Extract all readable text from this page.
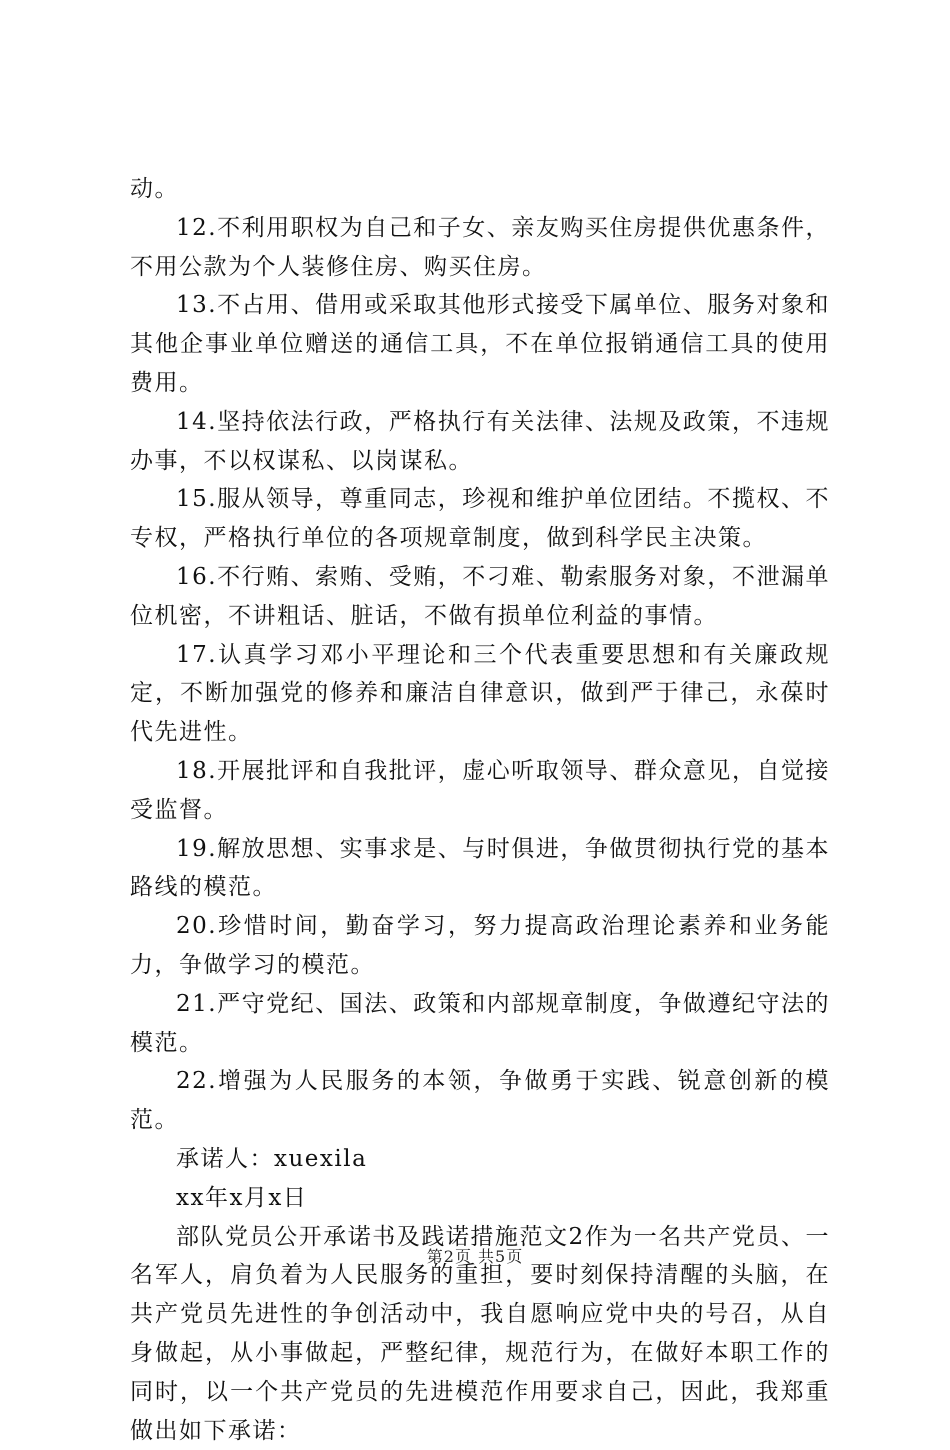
动。

12.不利用职权为自己和子女、亲友购买住房提供优惠条件，不用公款为个人装修住房、购买住房。

13.不占用、借用或采取其他形式接受下属单位、服务对象和其他企事业单位赠送的通信工具，不在单位报销通信工具的使用费用。

14.坚持依法行政，严格执行有关法律、法规及政策，不违规办事，不以权谋私、以岗谋私。

15.服从领导，尊重同志，珍视和维护单位团结。不揽权、不专权，严格执行单位的各项规章制度，做到科学民主决策。

16.不行贿、索贿、受贿，不刁难、勒索服务对象，不泄漏单位机密，不讲粗话、脏话，不做有损单位利益的事情。

17.认真学习邓小平理论和三个代表重要思想和有关廉政规定，不断加强党的修养和廉洁自律意识，做到严于律己，永葆时代先进性。

18.开展批评和自我批评，虚心听取领导、群众意见，自觉接受监督。

19.解放思想、实事求是、与时俱进，争做贯彻执行党的基本路线的模范。

20.珍惜时间，勤奋学习，努力提高政治理论素养和业务能力，争做学习的模范。

21.严守党纪、国法、政策和内部规章制度，争做遵纪守法的模范。

22.增强为人民服务的本领，争做勇于实践、锐意创新的模范。

承诺人：xuexila

xx年x月x日

部队党员公开承诺书及践诺措施范文2作为一名共产党员、一名军人，肩负着为人民服务的重担，要时刻保持清醒的头脑，在共产党员先进性的争创活动中，我自愿响应党中央的号召，从自身做起，从小事做起，严整纪律，规范行为，在做好本职工作的同时，以一个共产党员的先进模范作用要求自己，因此，我郑重做出如下承诺：

第2页 共5页
